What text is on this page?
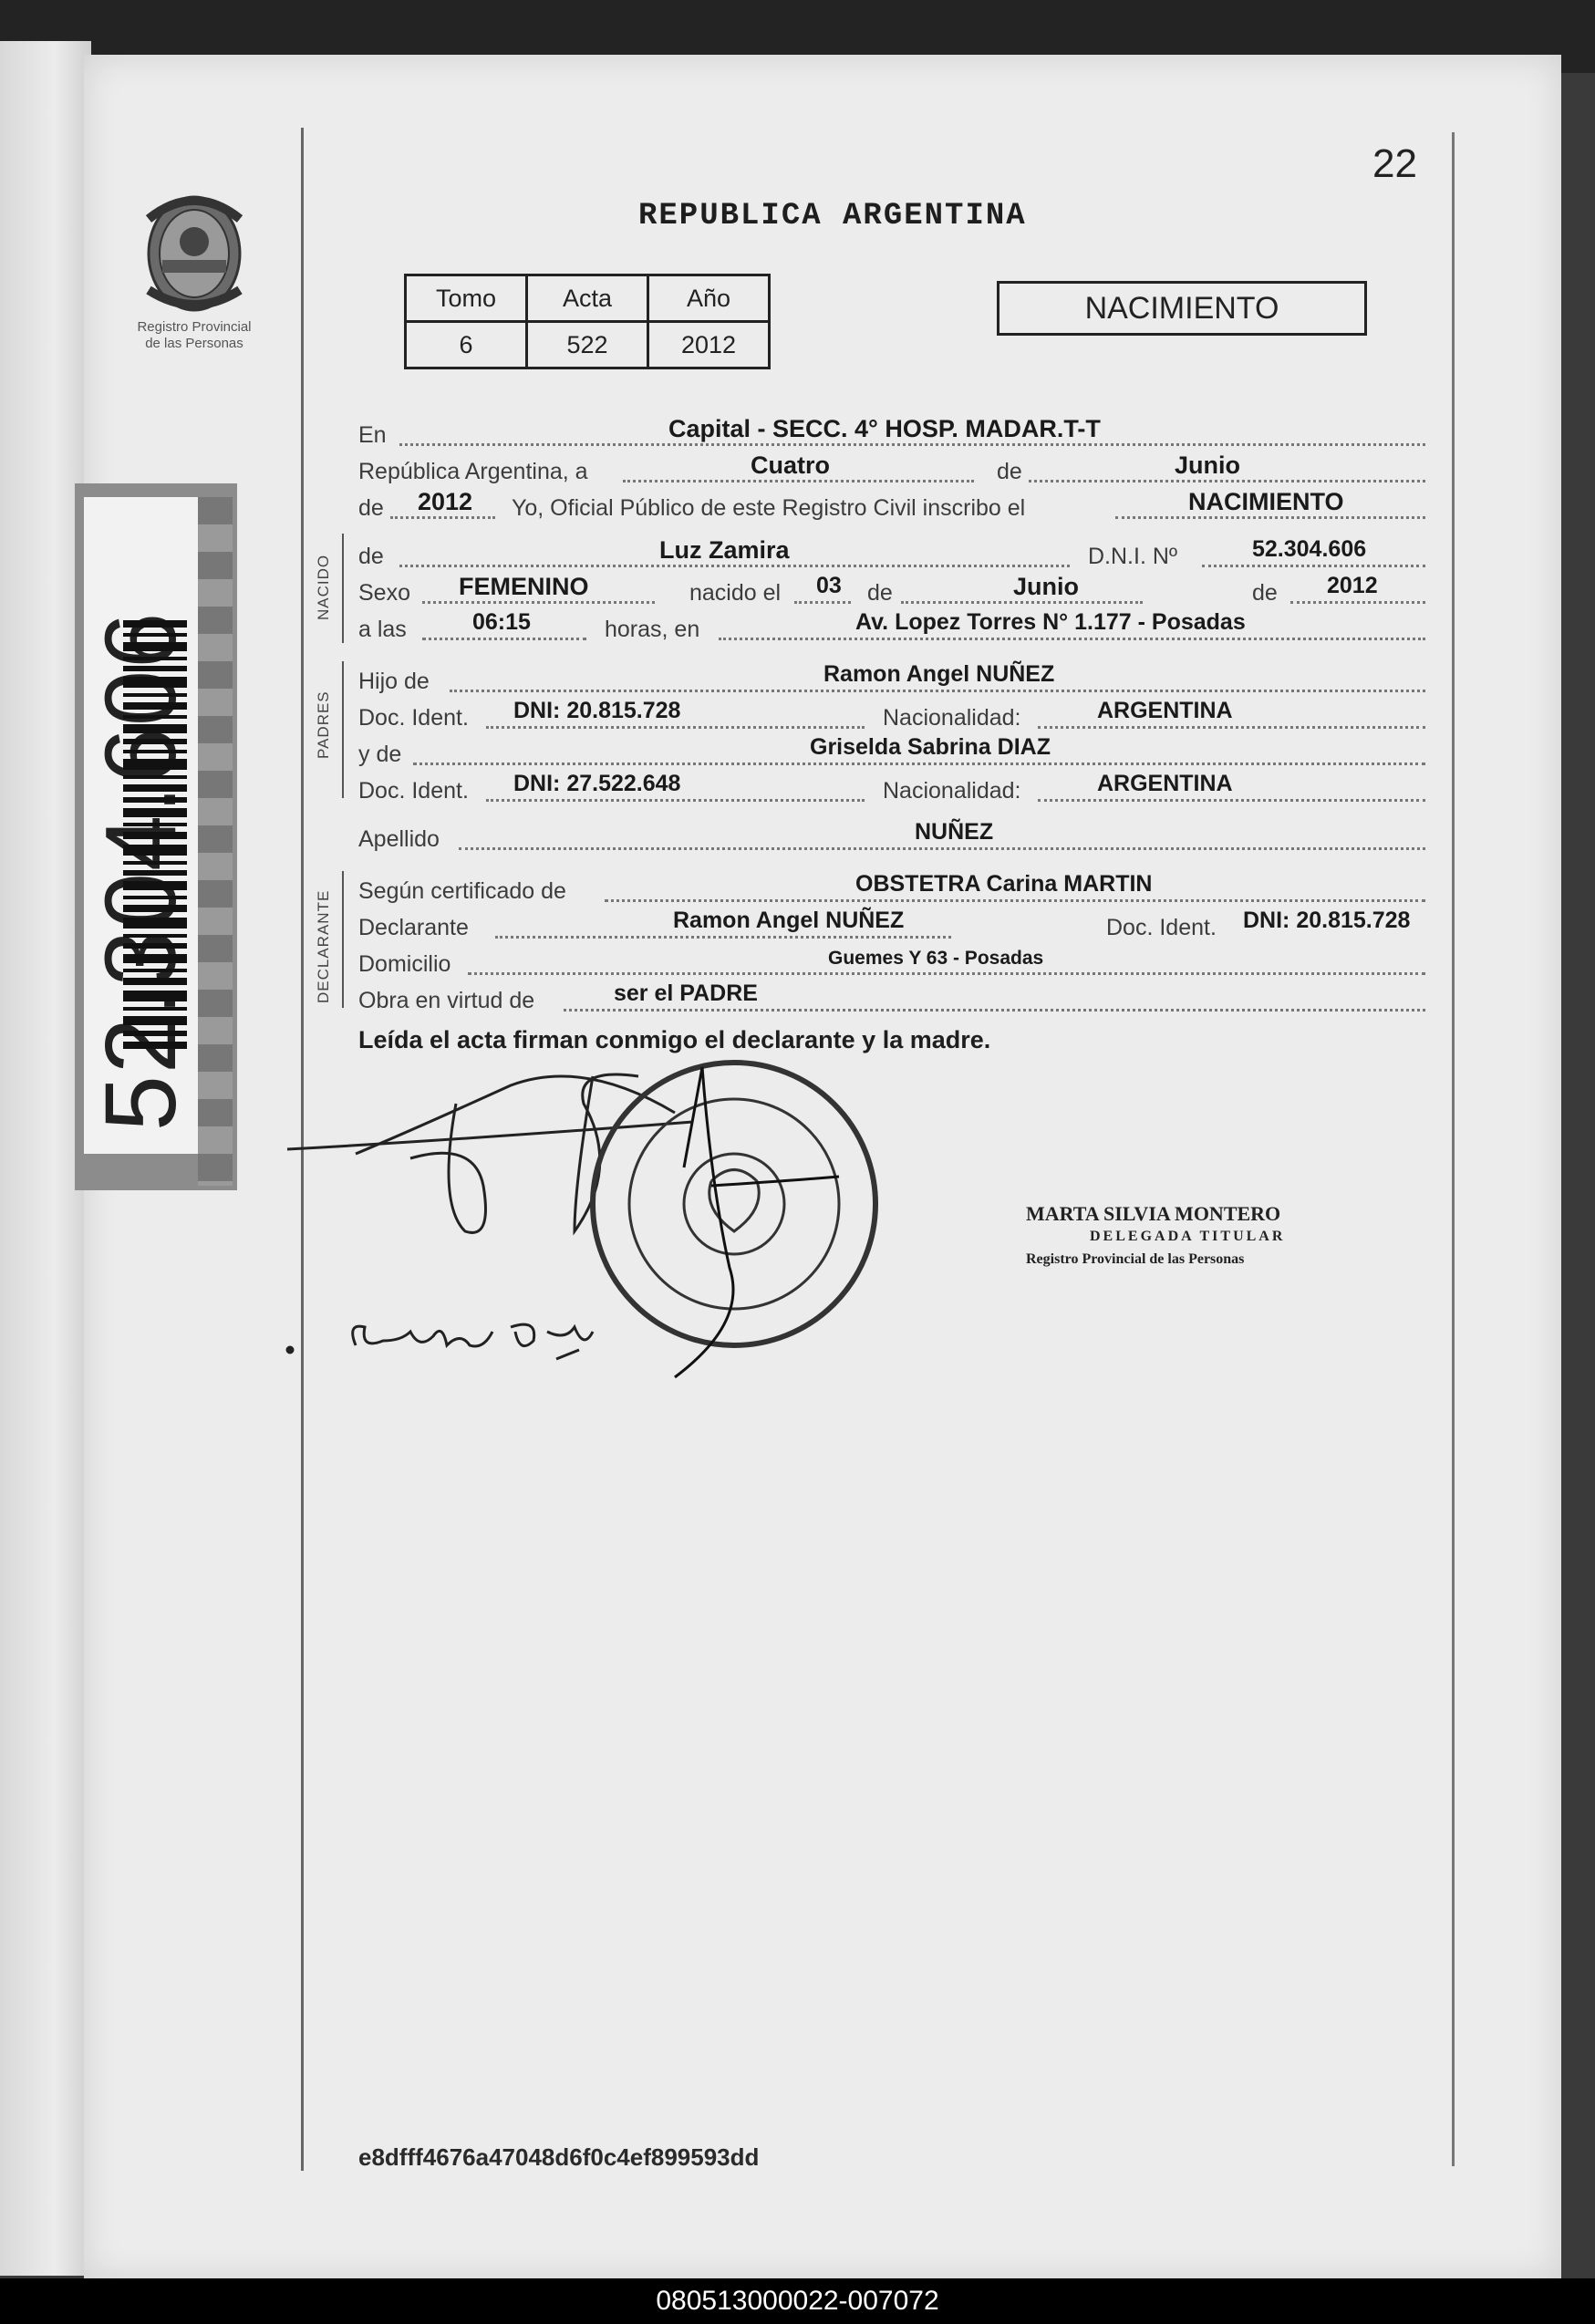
Registro Provincial
de las Personas
22
REPUBLICA ARGENTINA
Tomo	Acta	Año
6	522	2012
NACIMIENTO
NACIDO
PADRES
DECLARANTE
En	Capital - SECC. 4° HOSP. MADAR.T-T
República Argentina, a	Cuatro	de	Junio
de 2012 Yo, Oficial Público de este Registro Civil inscribo el	NACIMIENTO
de	Luz Zamira	D.N.I. Nº	52.304.606
Sexo FEMENINO	nacido el 03 de	Junio	de 2012
a las	06:15	horas, en	Av. Lopez Torres N° 1.177 - Posadas
Hijo de	Ramon Angel NUÑEZ
Doc. Ident. DNI: 20.815.728	Nacionalidad:	ARGENTINA
y de	Griselda Sabrina DIAZ
Doc. Ident. DNI: 27.522.648	Nacionalidad:	ARGENTINA
Apellido	NUÑEZ
Según certificado de	OBSTETRA Carina MARTIN
Declarante	Ramon Angel NUÑEZ	Doc. Ident. DNI: 20.815.728
Domicilio	Guemes Y 63 - Posadas
Obra en virtud de	ser el PADRE
Leída el acta firman conmigo el declarante y la madre.
MARTA SILVIA MONTERO
DELEGADA TITULAR
Registro Provincial de las Personas
e8dfff4676a47048d6f0c4ef899593dd
080513000022-007072
